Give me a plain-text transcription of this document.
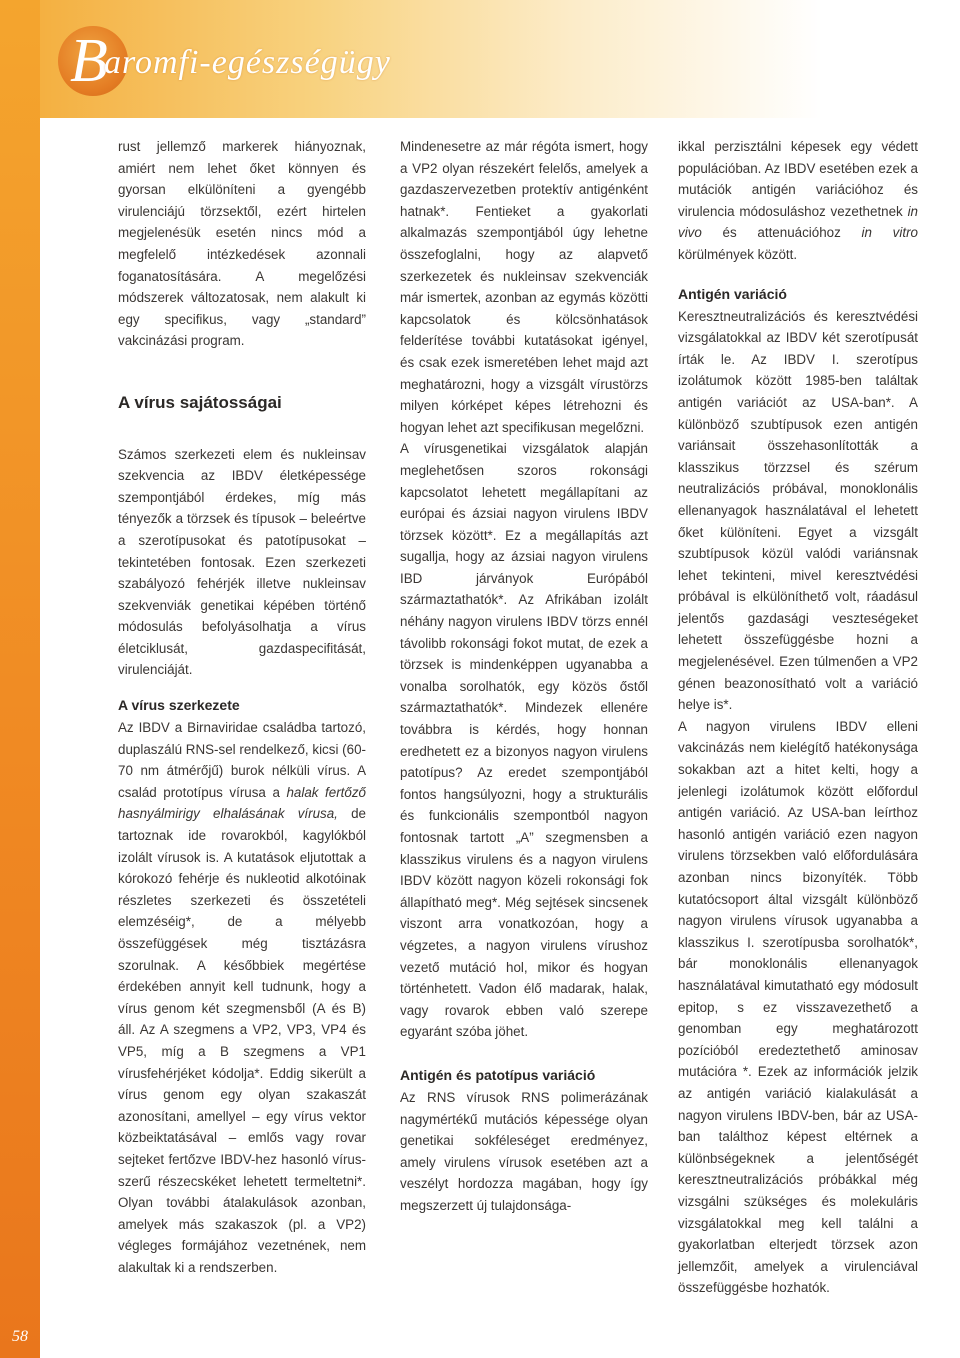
58
B
aromfi-egészségügy

rust jellemző markerek hiányoznak, amiért nem lehet őket könnyen és gyorsan elkülöníteni a gyengébb virulenciájú törzsektől, ezért hirtelen megjelenésük esetén nincs mód a megfelelő intézkedések azonnali foganatosítására. A megelőzési módszerek változatosak, nem alakult ki egy specifikus, vagy „standard” vakcinázási program.

A vírus sajátosságai

Számos szerkezeti elem és nukleinsav szekvencia az IBDV életképessége szempontjából érdekes, míg más tényezők a törzsek és típusok – beleértve a szerotípusokat és patotípusokat – tekintetében fontosak. Ezen szerkezeti szabályozó fehérjék illetve nukleinsav szekvenviák genetikai képében történő módosulás befolyásolhatja a vírus életciklusát, gazdaspecifitását, virulenciáját.

A vírus szerkezete

Az IBDV a Birnaviridae családba tartozó, duplaszálú RNS-sel rendelkező, kicsi (60-70 nm átmérőjű) burok nélküli vírus. A család prototípus vírusa a halak fertőző hasnyálmirigy elhalásának vírusa, de tartoznak ide rovarokból, kagylókból izolált vírusok is. A kutatások eljutottak a kórokozó fehérje és nukleotid alkotóinak részletes szerkezeti és összetételi elemzéséig*, de a mélyebb összefüggések még tisztázásra szorulnak. A későbbiek megértése érdekében annyit kell tudnunk, hogy a vírus genom két szegmensből (A és B) áll. Az A szegmens a VP2, VP3, VP4 és VP5, míg a B szegmens a VP1 vírusfehérjéket kódolja*. Eddig sikerült a vírus genom egy olyan szakaszát azonosítani, amellyel – egy vírus vektor közbeiktatásával – emlős vagy rovar sejteket fertőzve IBDV-hez hasonló vírus-szerű részecskéket lehetett termeltetni*. Olyan további átalakulások azonban, amelyek más szakaszok (pl. a VP2) végleges formájához vezetnének, nem alakultak ki a rendszerben.

Mindenesetre az már régóta ismert, hogy a VP2 olyan részekért felelős, amelyek a gazdaszervezetben protektív antigénként hatnak*. Fentieket a gyakorlati alkalmazás szempontjából úgy lehetne összefoglalni, hogy az alapvető szerkezetek és nukleinsav szekvenciák már ismertek, azonban az egymás közötti kapcsolatok és kölcsönhatások felderítése további kutatásokat igényel, és csak ezek ismeretében lehet majd azt meghatározni, hogy a vizsgált vírustörzs milyen kórképet képes létrehozni és hogyan lehet azt specifikusan megelőzni.

A vírusgenetikai vizsgálatok alapján meglehetősen szoros rokonsági kapcsolatot lehetett megállapítani az európai és ázsiai nagyon virulens IBDV törzsek között*. Ez a megállapítás azt sugallja, hogy az ázsiai nagyon virulens IBD járványok Európából származtathatók*. Az Afrikában izolált néhány nagyon virulens IBDV törzs ennél távolibb rokonsági fokot mutat, de ezek a törzsek is mindenképpen ugyanabba a vonalba sorolhatók, egy közös őstől származtathatók*. Mindezek ellenére továbbra is kérdés, hogy honnan eredhetett ez a bizonyos nagyon virulens patotípus? Az eredet szempontjából fontos hangsúlyozni, hogy a strukturális és funkcionális szempontból nagyon fontosnak tartott „A” szegmensben a klasszikus virulens és a nagyon virulens IBDV között nagyon közeli rokonsági fok állapítható meg*. Még sejtések sincsenek viszont arra vonatkozóan, hogy a végzetes, a nagyon virulens vírushoz vezető mutáció hol, mikor és hogyan történhetett. Vadon élő madarak, halak, vagy rovarok ebben való szerepe egyaránt szóba jöhet.

Antigén és patotípus variáció

Az RNS vírusok RNS polimerázának nagymértékű mutációs képessége olyan genetikai sokféleséget eredményez, amely virulens vírusok esetében azt a veszélyt hordozza magában, hogy így megszerzett új tulajdonsága-

ikkal perzisztálni képesek egy védett populációban. Az IBDV esetében ezek a mutációk antigén variációhoz és virulencia módosuláshoz vezethetnek in vivo és attenuációhoz in vitro körülmények között.

Antigén variáció

Keresztneutralizációs és keresztvédési vizsgálatokkal az IBDV két szerotípusát írták le. Az IBDV I. szerotípus izolátumok között 1985-ben találtak antigén variációt az USA-ban*. A különböző szubtípusok ezen antigén variánsait összehasonlították a klasszikus törzzsel és szérum neutralizációs próbával, monoklonális ellenanyagok használatával el lehetett őket különíteni. Egyet a vizsgált szubtípusok közül valódi variánsnak lehet tekinteni, mivel keresztvédési próbával is elkülöníthető volt, ráadásul jelentős gazdasági veszteségeket lehetett összefüggésbe hozni a megjelenésével. Ezen túlmenően a VP2 génen beazonosítható volt a variáció helye is*.

A nagyon virulens IBDV elleni vakcinázás nem kielégítő hatékonysága sokakban azt a hitet kelti, hogy a jelenlegi izolátumok között előfordul antigén variáció. Az USA-ban leírthoz hasonló antigén variáció ezen nagyon virulens törzsekben való előfordulására azonban nincs bizonyíték. Több kutatócsoport által vizsgált különböző nagyon virulens vírusok ugyanabba a klasszikus I. szerotípusba sorolhatók*, bár monoklonális ellenanyagok használatával kimutatható egy módosult epitop, s ez visszavezethető a genomban egy meghatározott pozícióból eredeztethető aminosav mutációra *. Ezek az információk jelzik az antigén variáció kialakulását a nagyon virulens IBDV-ben, bár az USA-ban találthoz képest eltérnek a különbségeknek a jelentőségét keresztneutralizációs próbákkal még vizsgálni szükséges és molekuláris vizsgálatokkal meg kell találni a gyakorlatban elterjedt törzsek azon jellemzőit, amelyek a virulenciával összefüggésbe hozhatók.
